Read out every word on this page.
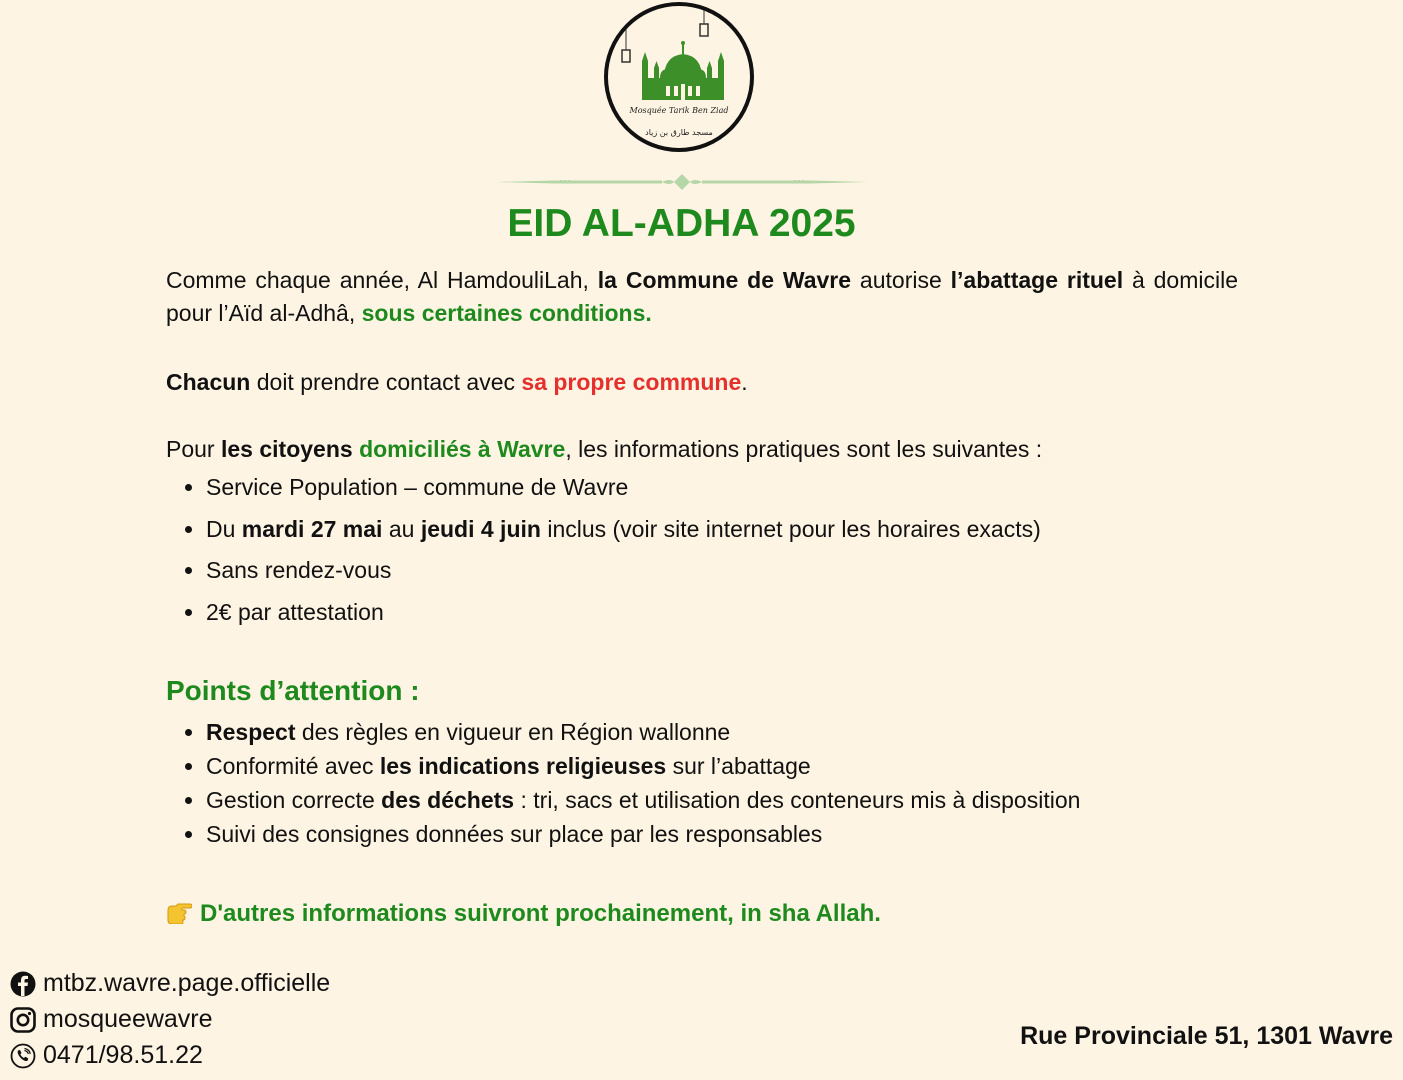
Mosquée Tarik Ben Ziad
مسجد طارق بن زياد
EID AL-ADHA 2025
Comme chaque année, Al HamdouliLah, la Commune de Wavre autorise l’abattage rituel à domicile pour l’Aïd al-Adhâ, sous certaines conditions.
Chacun doit prendre contact avec sa propre commune.
Pour les citoyens domiciliés à Wavre, les informations pratiques sont les suivantes :
• Service Population – commune de Wavre
• Du mardi 27 mai au jeudi 4 juin inclus (voir site internet pour les horaires exacts)
• Sans rendez-vous
• 2€ par attestation
Points d’attention :
• Respect des règles en vigueur en Région wallonne
• Conformité avec les indications religieuses sur l’abattage
• Gestion correcte des déchets : tri, sacs et utilisation des conteneurs mis à disposition
• Suivi des consignes données sur place par les responsables
D'autres informations suivront prochainement, in sha Allah.
mtbz.wavre.page.officielle
mosqueewavre
0471/98.51.22
Rue Provinciale 51, 1301 Wavre
